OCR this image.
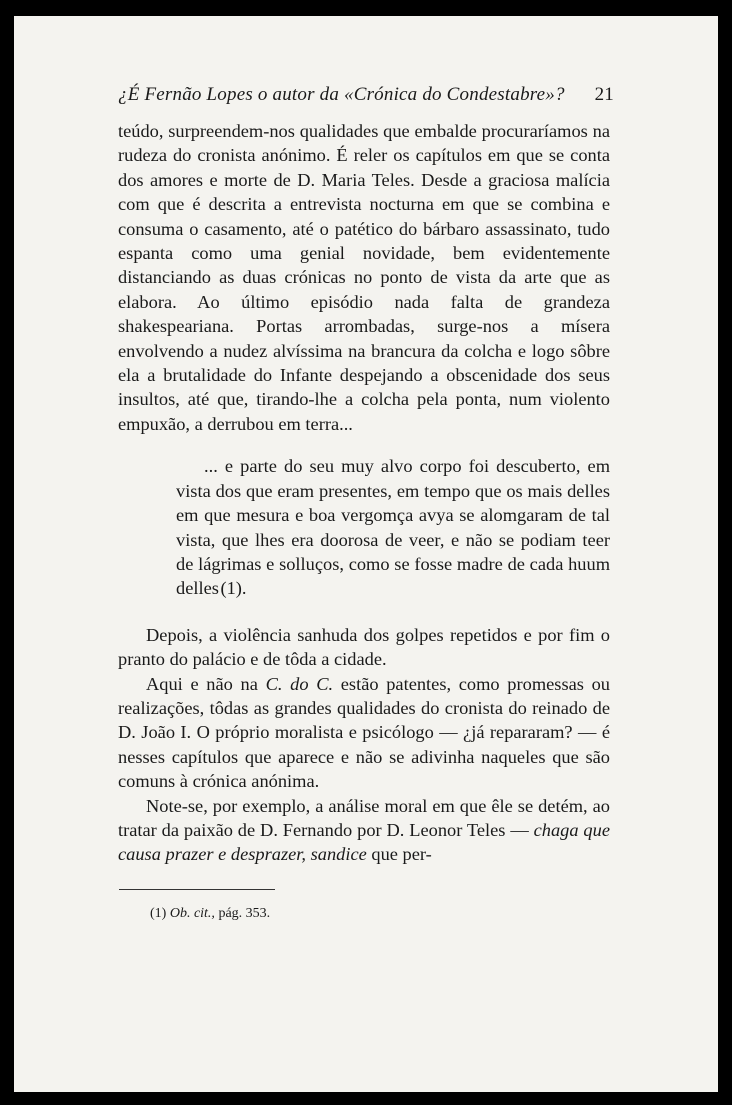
¿É Fernão Lopes o autor da «Crónica do Condestabre»? 21

teúdo, surpreendem-nos qualidades que embalde procuraríamos na rudeza do cronista anónimo. É reler os capítulos em que se conta dos amores e morte de D. Maria Teles. Desde a graciosa malícia com que é descrita a entrevista nocturna em que se combina e consuma o casamento, até o patético do bárbaro assassinato, tudo espanta como uma genial novidade, bem evidentemente distanciando as duas crónicas no ponto de vista da arte que as elabora. Ao último episódio nada falta de grandeza shakespeariana. Portas arrombadas, surge-nos a mísera envolvendo a nudez alvíssima na brancura da colcha e logo sôbre ela a brutalidade do Infante despejando a obscenidade dos seus insultos, até que, tirando-lhe a colcha pela ponta, num violento empuxão, a derrubou em terra...

... e parte do seu muy alvo corpo foi descuberto, em vista dos que eram presentes, em tempo que os mais delles em que mesura e boa vergomça avya se alomgaram de tal vista, que lhes era doorosa de veer, e não se podiam teer de lágrimas e solluços, como se fosse madre de cada huum delles (1).

Depois, a violência sanhuda dos golpes repetidos e por fim o pranto do palácio e de tôda a cidade.

Aqui e não na C. do C. estão patentes, como promessas ou realizações, tôdas as grandes qualidades do cronista do reinado de D. João I. O próprio moralista e psicólogo — ¿já repararam? — é nesses capítulos que aparece e não se adivinha naqueles que são comuns à crónica anónima.

Note-se, por exemplo, a análise moral em que êle se detém, ao tratar da paixão de D. Fernando por D. Leonor Teles — chaga que causa prazer e desprazer, sandice que per-

(1) Ob. cit., pág. 353.
